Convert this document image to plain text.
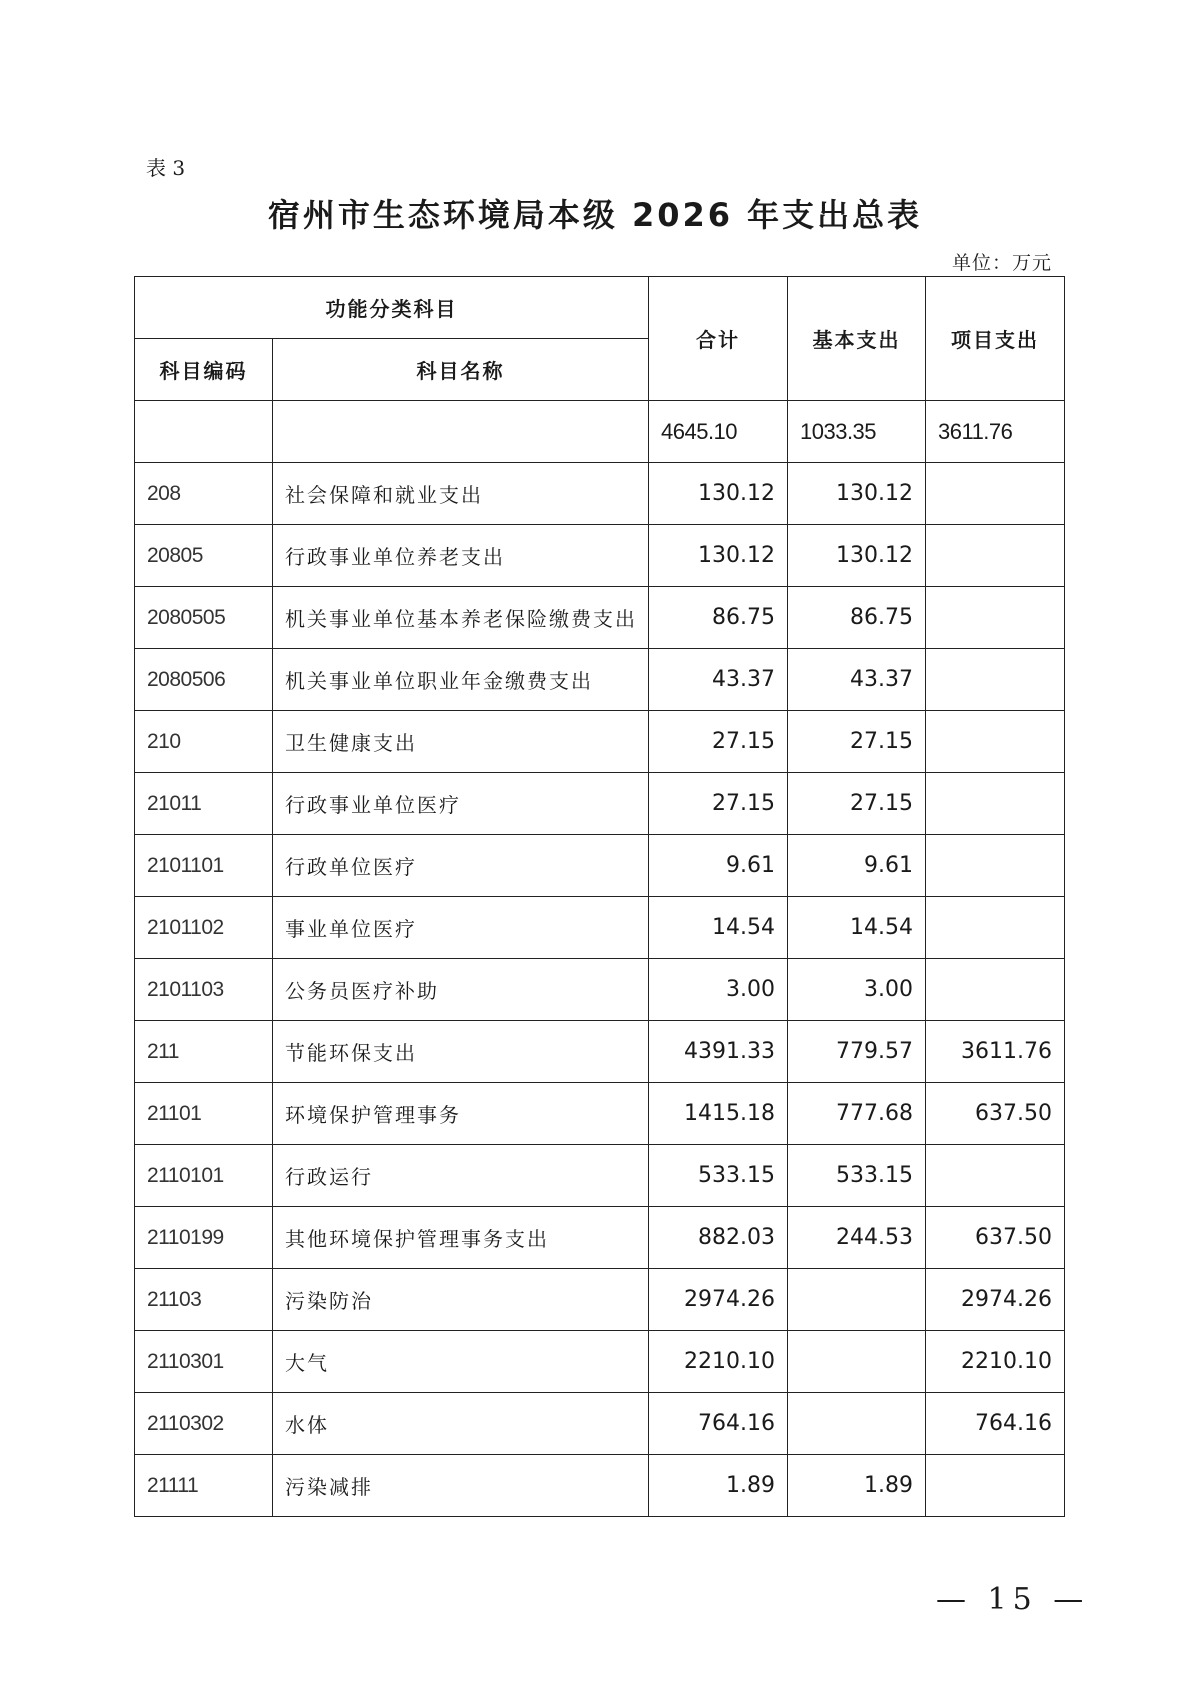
表 3
宿州市生态环境局本级 2026 年支出总表
单位：万元
功能分类科目		合计	基本支出	项目支出
科目编码	科目名称			
		4645.10	1033.35	3611.76
208	社会保障和就业支出	130.12	130.12	
20805	行政事业单位养老支出	130.12	130.12	
2080505	机关事业单位基本养老保险缴费支出	86.75	86.75	
2080506	机关事业单位职业年金缴费支出	43.37	43.37	
210	卫生健康支出	27.15	27.15	
21011	行政事业单位医疗	27.15	27.15	
2101101	行政单位医疗	9.61	9.61	
2101102	事业单位医疗	14.54	14.54	
2101103	公务员医疗补助	3.00	3.00	
211	节能环保支出	4391.33	779.57	3611.76
21101	环境保护管理事务	1415.18	777.68	637.50
2110101	行政运行	533.15	533.15	
2110199	其他环境保护管理事务支出	882.03	244.53	637.50
21103	污染防治	2974.26		2974.26
2110301	大气	2210.10		2210.10
2110302	水体	764.16		764.16
21111	污染减排	1.89	1.89	
— 15 —
